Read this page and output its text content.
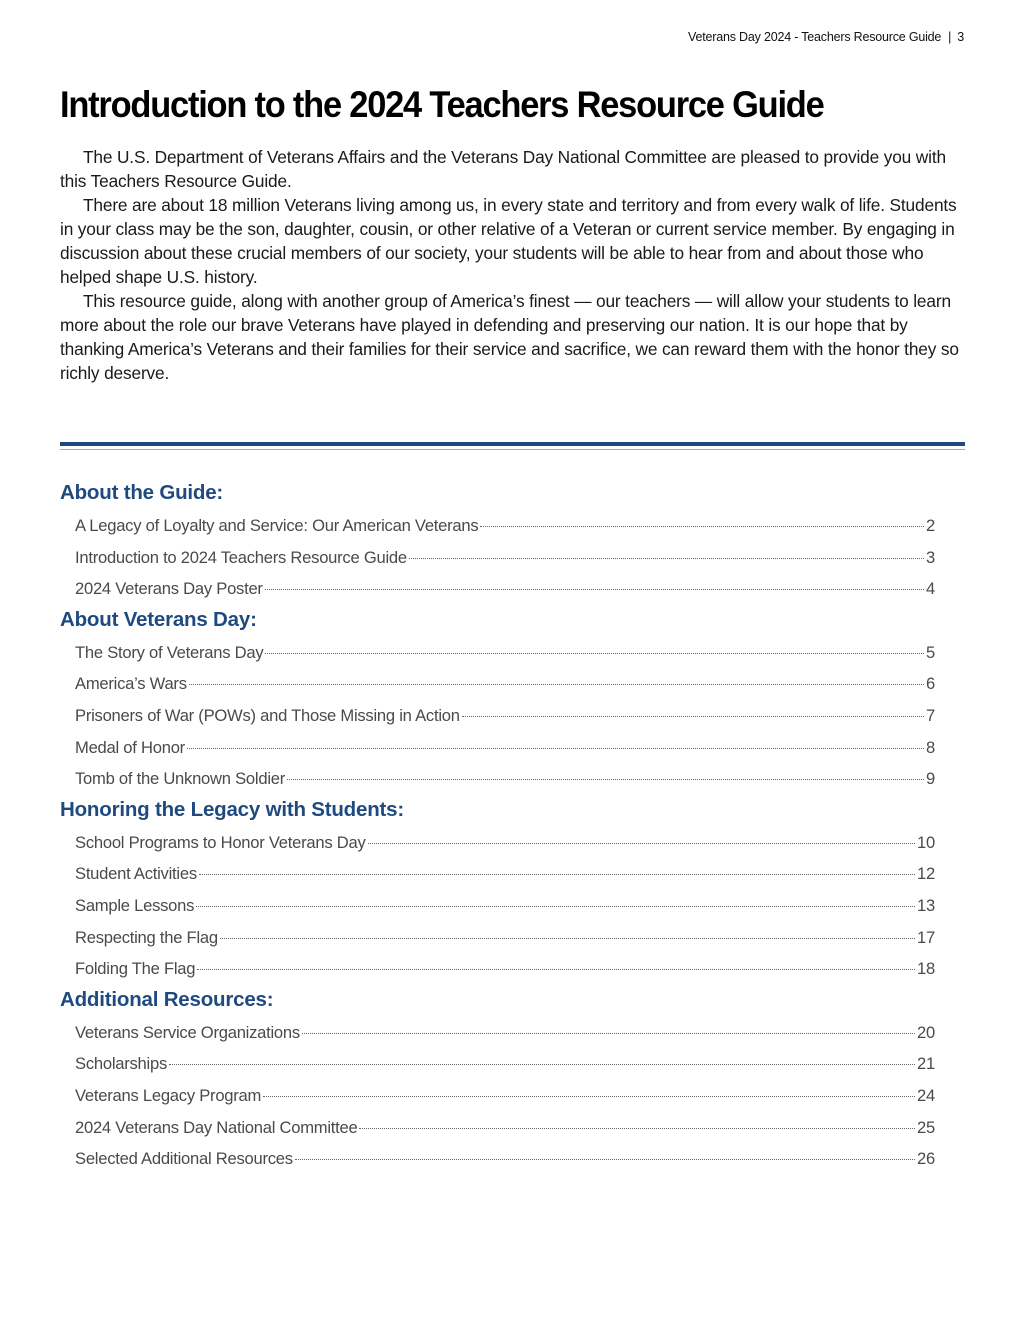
Veterans Day 2024 - Teachers Resource Guide | 3
Introduction to the 2024 Teachers Resource Guide

The U.S. Department of Veterans Affairs and the Veterans Day National Committee are pleased to provide you with this Teachers Resource Guide.

There are about 18 million Veterans living among us, in every state and territory and from every walk of life. Students in your class may be the son, daughter, cousin, or other relative of a Veteran or current service member. By engaging in discussion about these crucial members of our society, your students will be able to hear from and about those who helped shape U.S. history.

This resource guide, along with another group of America’s finest — our teachers — will allow your students to learn more about the role our brave Veterans have played in defending and preserving our nation. It is our hope that by thanking America’s Veterans and their families for their service and sacrifice, we can reward them with the honor they so richly deserve.

About the Guide:
A Legacy of Loyalty and Service: Our American Veterans	2
Introduction to 2024 Teachers Resource Guide	3
2024 Veterans Day Poster	4
About Veterans Day:
The Story of Veterans Day	5
America’s Wars	6
Prisoners of War (POWs) and Those Missing in Action	7
Medal of Honor	8
Tomb of the Unknown Soldier	9
Honoring the Legacy with Students:
School Programs to Honor Veterans Day	10
Student Activities	12
Sample Lessons	13
Respecting the Flag	17
Folding The Flag	18
Additional Resources:
Veterans Service Organizations	20
Scholarships	21
Veterans Legacy Program	24
2024 Veterans Day National Committee	25
Selected Additional Resources	26
